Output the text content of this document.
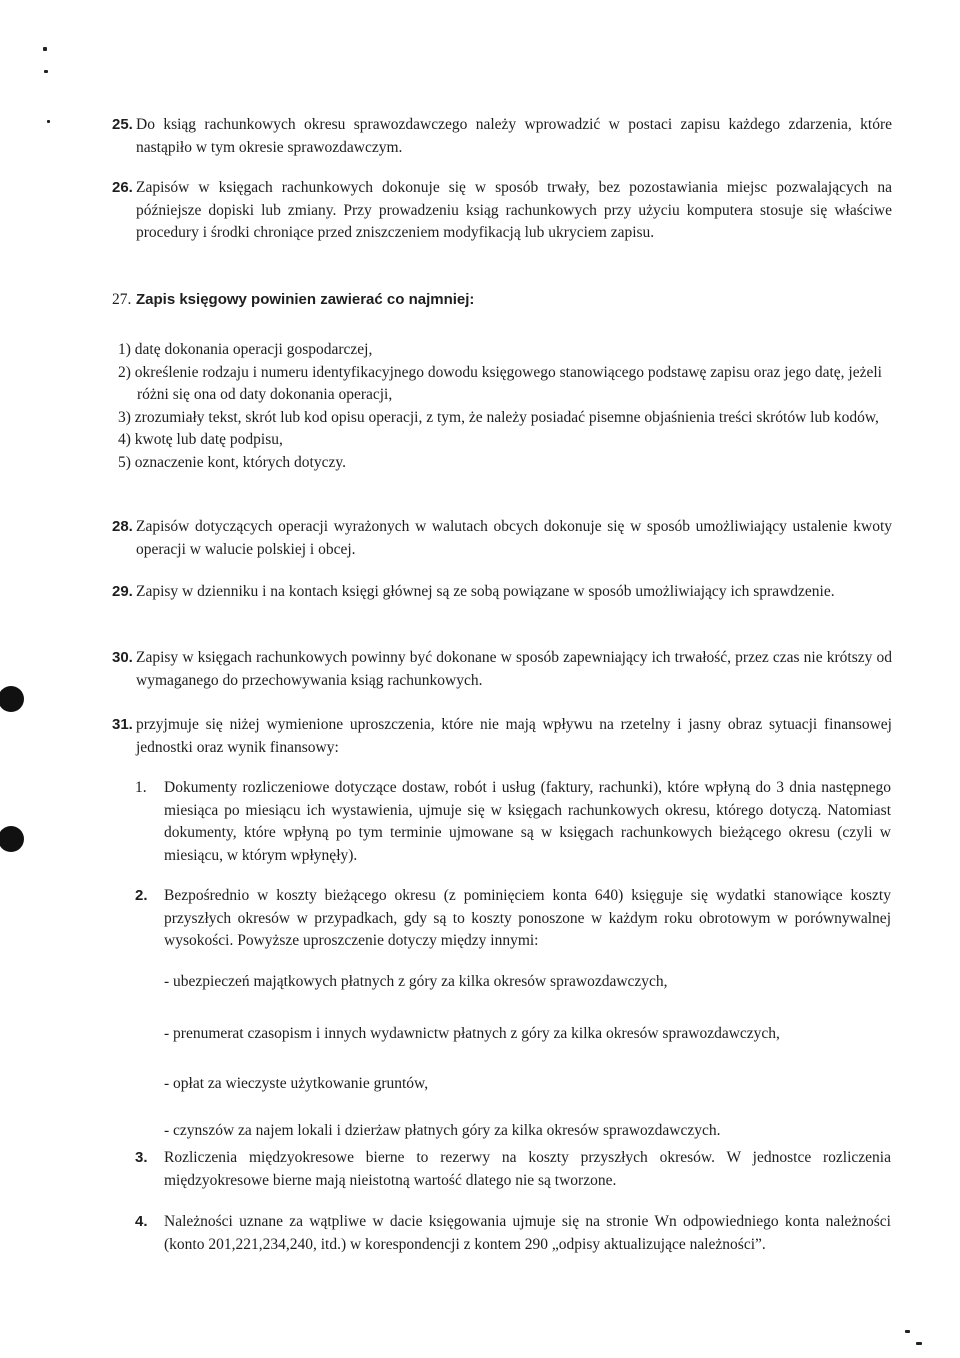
25. Do ksiąg rachunkowych okresu sprawozdawczego należy wprowadzić w postaci zapisu każdego zdarzenia, które nastąpiło w tym okresie sprawozdawczym.

26. Zapisów w księgach rachunkowych dokonuje się w sposób trwały, bez pozostawiania miejsc pozwalających na późniejsze dopiski lub zmiany. Przy prowadzeniu ksiąg rachunkowych przy użyciu komputera stosuje się właściwe procedury i środki chroniące przed zniszczeniem modyfikacją lub ukryciem zapisu.

27. Zapis księgowy powinien zawierać co najmniej:

1) datę dokonania operacji gospodarczej,

2) określenie rodzaju i numeru identyfikacyjnego dowodu księgowego stanowiącego podstawę zapisu oraz jego datę, jeżeli różni się ona od daty dokonania operacji,

3) zrozumiały tekst, skrót lub kod opisu operacji, z tym, że należy posiadać pisemne objaśnienia treści skrótów lub kodów,

4) kwotę lub datę podpisu,

5) oznaczenie kont, których dotyczy.

28. Zapisów dotyczących operacji wyrażonych w walutach obcych dokonuje się w sposób umożliwiający ustalenie kwoty operacji w walucie polskiej i obcej.

29. Zapisy w dzienniku i na kontach księgi głównej są ze sobą powiązane w sposób umożliwiający ich sprawdzenie.

30. Zapisy w księgach rachunkowych powinny być dokonane w sposób zapewniający ich trwałość, przez czas nie krótszy od wymaganego do przechowywania ksiąg rachunkowych.

31. przyjmuje się niżej wymienione uproszczenia, które nie mają wpływu na rzetelny i jasny obraz sytuacji finansowej jednostki oraz wynik finansowy:

1. Dokumenty rozliczeniowe dotyczące dostaw, robót i usług (faktury, rachunki), które wpłyną do 3 dnia następnego miesiąca po miesiącu ich wystawienia, ujmuje się w księgach rachunkowych okresu, którego dotyczą. Natomiast dokumenty, które wpłyną po tym terminie ujmowane są w księgach rachunkowych bieżącego okresu (czyli w miesiącu, w którym wpłynęły).

2. Bezpośrednio w koszty bieżącego okresu (z pominięciem konta 640) księguje się wydatki stanowiące koszty przyszłych okresów w przypadkach, gdy są to koszty ponoszone w każdym roku obrotowym w porównywalnej wysokości. Powyższe uproszczenie dotyczy między innymi:

- ubezpieczeń majątkowych płatnych z góry za kilka okresów sprawozdawczych,

- prenumerat czasopism i innych wydawnictw płatnych z góry za kilka okresów sprawozdawczych,

- opłat za wieczyste użytkowanie gruntów,

- czynszów za najem lokali i dzierżaw płatnych góry za kilka okresów sprawozdawczych.

3. Rozliczenia międzyokresowe bierne to rezerwy na koszty przyszłych okresów. W jednostce rozliczenia międzyokresowe bierne mają nieistotną wartość dlatego nie są tworzone.

4. Należności uznane za wątpliwe w dacie księgowania ujmuje się na stronie Wn odpowiedniego konta należności (konto 201,221,234,240, itd.) w korespondencji z kontem 290 „odpisy aktualizujące należności”.
